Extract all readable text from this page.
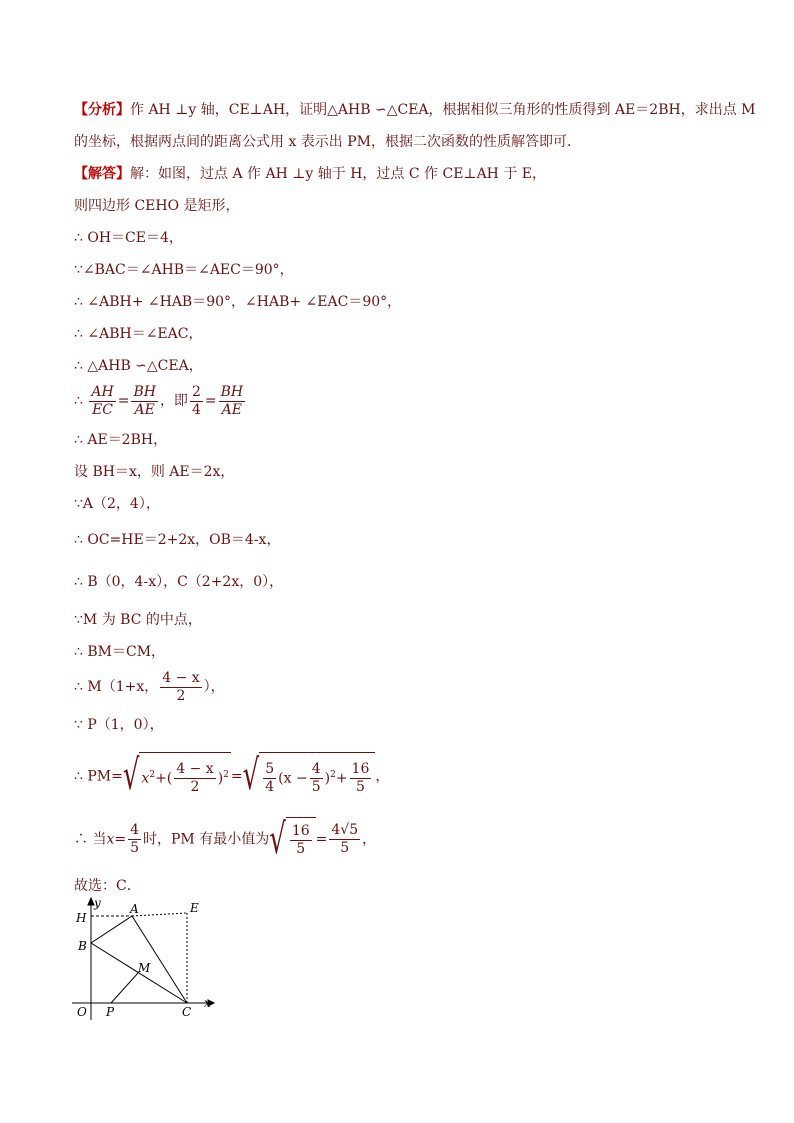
【分析】作 AH ⊥y 轴，CE⊥AH，证明△AHB ∽△CEA，根据相似三角形的性质得到 AE＝2BH，求出点 M
的坐标，根据两点间的距离公式用 x 表示出 PM，根据二次函数的性质解答即可．
【解答】解：如图，过点 A 作 AH ⊥y 轴于 H，过点 C 作 CE⊥AH 于 E，
则四边形 CEHO 是矩形，
∴ OH＝CE＝4，
∵∠BAC＝∠AHB＝∠AEC＝90°，
∴ ∠ABH+ ∠HAB＝90°，∠HAB+ ∠EAC＝90°，
∴ ∠ABH＝∠EAC，
∴ △AHB ∽△CEA，
∴ $\frac{AH}{EC} = \frac{BH}{AE}$ ，即 $\frac{2}{4} = \frac{BH}{AE}$
∴ AE＝2BH，
设 BH＝x，则 AE＝2x，
∵A（2，4），
∴ OC=HE＝2+2x，OB＝4-x，
∴ B（0，4-x），C（2+2x，0），
∵M 为 BC 的中点，
∴ BM＝CM，
∴ M（1+x， $\frac{4 - x}{2}$ ），
∵ P（1，0），
∴ PM=√ $x^2+( \frac{4 - x}{2} )^2$ =√ $\frac{5}{4} (x - \frac{4}{5} )^2+ \frac{16}{5}$ ，
∴ 当$x= \frac{4}{5}$ 时，PM 有最小值为√ $\frac{16}{5} = \frac{4√5}{5}$ ，
故选：C．
y
x
H
A	E
B
M
O P	C
